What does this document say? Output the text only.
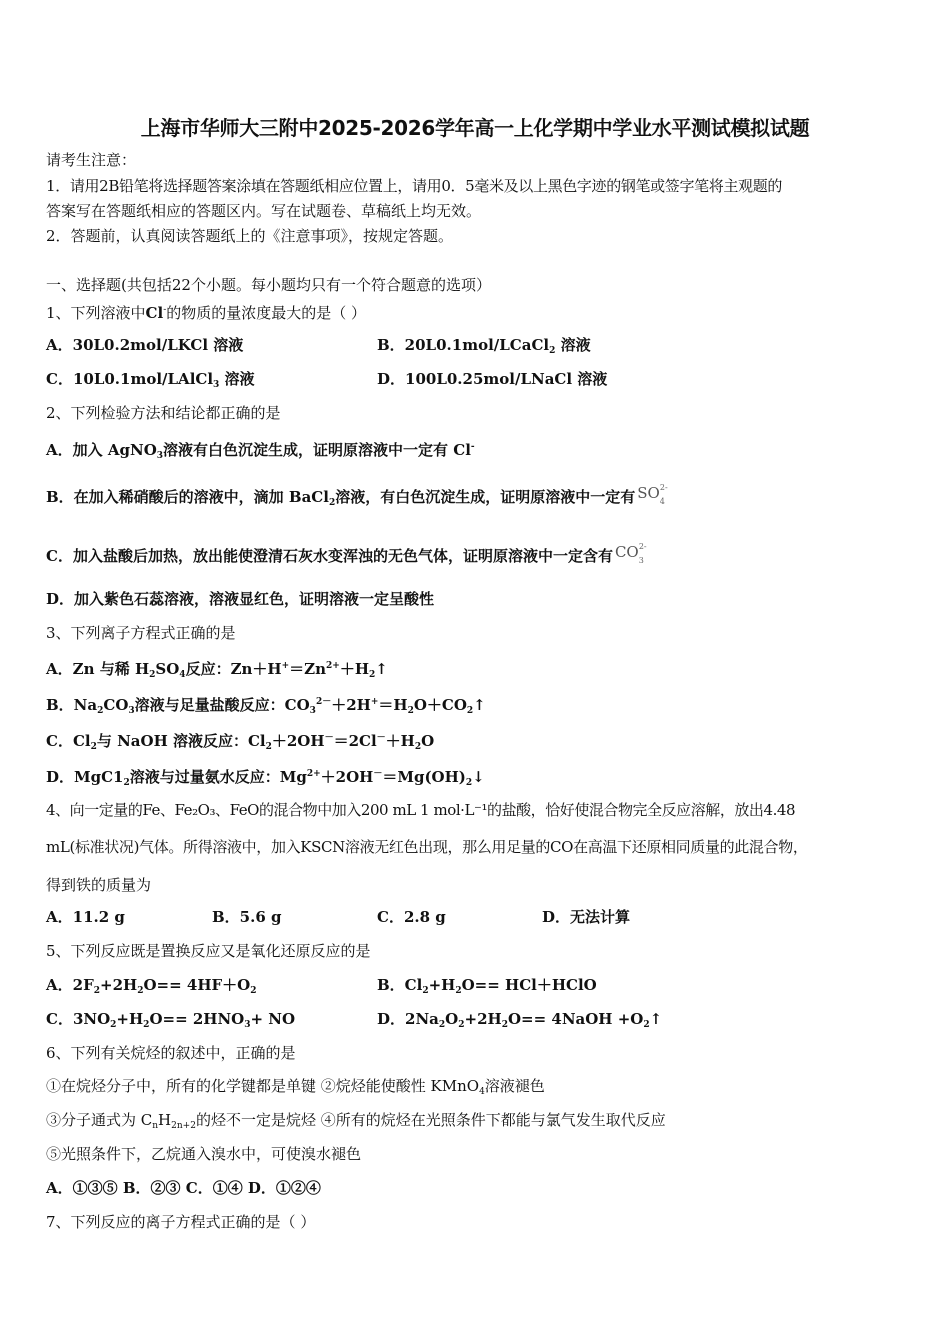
上海市华师大三附中2025-2026学年高一上化学期中学业水平测试模拟试题
请考生注意：
1．请用2B铅笔将选择题答案涂填在答题纸相应位置上，请用0．5毫米及以上黑色字迹的钢笔或签字笔将主观题的
答案写在答题纸相应的答题区内。写在试题卷、草稿纸上均无效。
2．答题前，认真阅读答题纸上的《注意事项》，按规定答题。
一、选择题(共包括22个小题。每小题均只有一个符合题意的选项）
1、下列溶液中Cl-的物质的量浓度最大的是（ ）
A．30L0.2mol/LKCl 溶液	B．20L0.1mol/LCaCl$_2$ 溶液
C．10L0.1mol/LAlCl$_3$ 溶液	D．100L0.25mol/LNaCl 溶液
2、下列检验方法和结论都正确的是
A．加入 AgNO$_3$溶液有白色沉淀生成，证明原溶液中一定有 Cl-
B．在加入稀硝酸后的溶液中，滴加 BaCl$_2$溶液，有白色沉淀生成，证明原溶液中一定有 $SO_4^{2-}$
C．加入盐酸后加热，放出能使澄清石灰水变浑浊的无色气体，证明原溶液中一定含有 $CO_3^{2-}$
D．加入紫色石蕊溶液，溶液显红色，证明溶液一定呈酸性
3、下列离子方程式正确的是
A．Zn 与稀 $H_2SO_4$反应：$Zn+H^+=Zn^{2+}+H_2↑$
B．$Na_2CO_3$溶液与足量盐酸反应：$CO_3^{2-}+2H^+=H_2O+CO_2↑$
C．$Cl_2$与 NaOH 溶液反应：$Cl_2+2OH^-=2Cl^-+H_2O$
D．$MgC1_2$溶液与过量氨水反应：$Mg^{2+}+2OH^-=Mg(OH)_2↓$
4、向一定量的Fe、Fe₂O₃、FeO的混合物中加入200 mL 1 mol·L⁻¹的盐酸，恰好使混合物完全反应溶解，放出4.48
mL(标准状况)气体。所得溶液中，加入KSCN溶液无红色出现，那么用足量的CO在高温下还原相同质量的此混合物，
得到铁的质量为
A．11.2 g	B．5.6 g	C．2.8 g	D．无法计算
5、下列反应既是置换反应又是氧化还原反应的是
A．$2F_2+2H_2O== 4HF+O_2$	B．$Cl_2+H_2O==$ HCl＋HClO
C．$3NO_2+H_2O== 2HNO_3+$ NO	D．$2Na_2O_2+2H_2O==$ 4NaOH $+O_2↑$
6、下列有关烷烃的叙述中，正确的是
①在烷烃分子中，所有的化学键都是单键 ②烷烃能使酸性 KMnO$_4$溶液褪色
③分子通式为 $C_nH_{2n+2}$的烃不一定是烷烃 ④所有的烷烃在光照条件下都能与氯气发生取代反应
⑤光照条件下，乙烷通入溴水中，可使溴水褪色
A．①③⑤ B．②③ C．①④ D．①②④
7、下列反应的离子方程式正确的是（ ）
